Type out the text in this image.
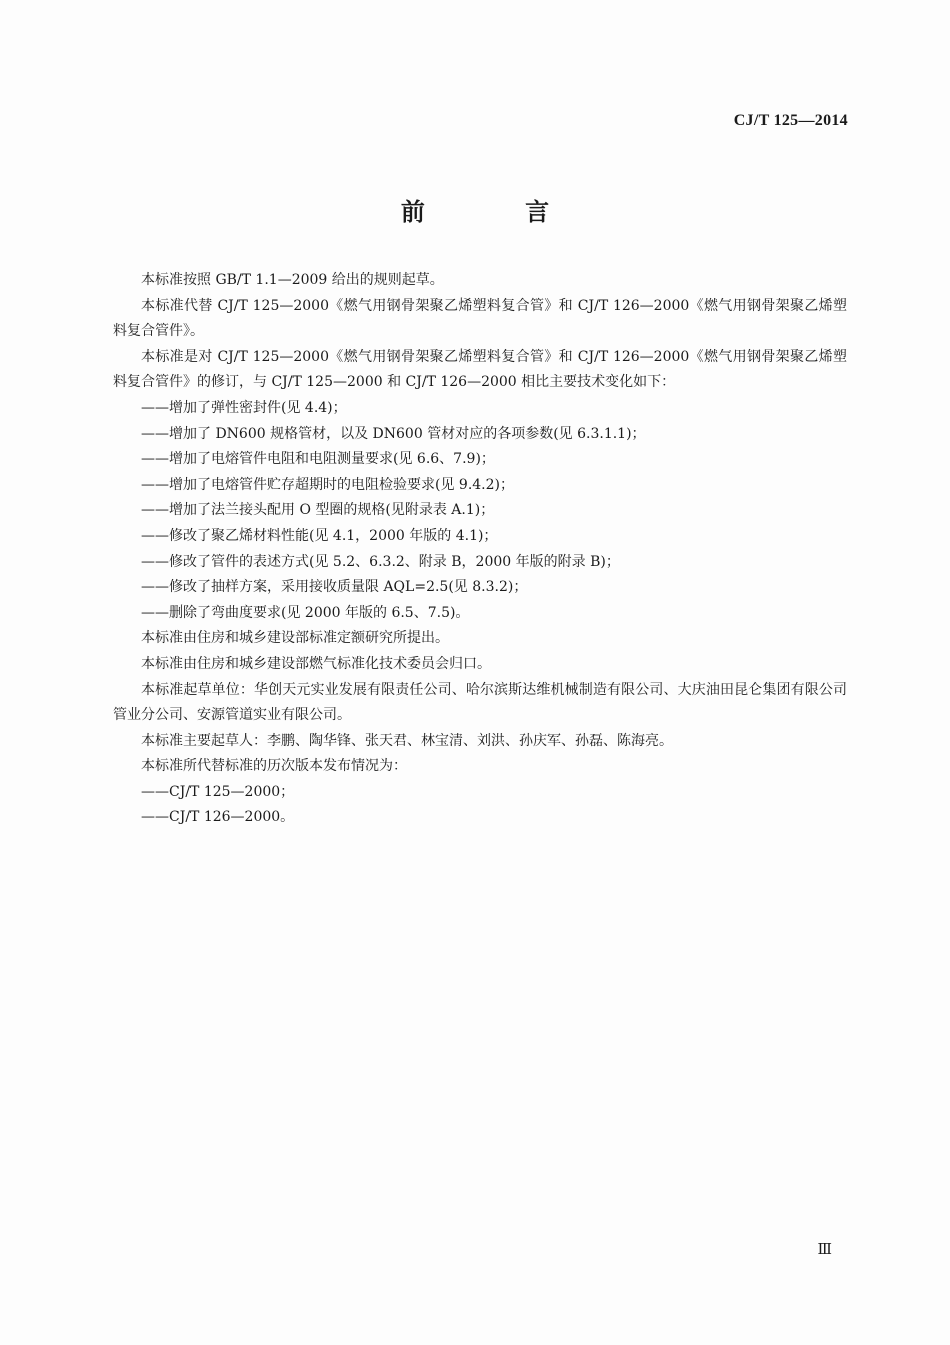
CJ/T 125—2014
前 言

本标准按照 GB/T 1.1—2009 给出的规则起草。

本标准代替 CJ/T 125—2000《燃气用钢骨架聚乙烯塑料复合管》和 CJ/T 126—2000《燃气用钢骨架聚乙烯塑料复合管件》。

本标准是对 CJ/T 125—2000《燃气用钢骨架聚乙烯塑料复合管》和 CJ/T 126—2000《燃气用钢骨架聚乙烯塑料复合管件》的修订，与 CJ/T 125—2000 和 CJ/T 126—2000 相比主要技术变化如下：

——增加了弹性密封件(见 4.4)；

——增加了 DN600 规格管材，以及 DN600 管材对应的各项参数(见 6.3.1.1)；

——增加了电熔管件电阻和电阻测量要求(见 6.6、7.9)；

——增加了电熔管件贮存超期时的电阻检验要求(见 9.4.2)；

——增加了法兰接头配用 O 型圈的规格(见附录表 A.1)；

——修改了聚乙烯材料性能(见 4.1，2000 年版的 4.1)；

——修改了管件的表述方式(见 5.2、6.3.2、附录 B，2000 年版的附录 B)；

——修改了抽样方案，采用接收质量限 AQL=2.5(见 8.3.2)；

——删除了弯曲度要求(见 2000 年版的 6.5、7.5)。

本标准由住房和城乡建设部标准定额研究所提出。

本标准由住房和城乡建设部燃气标准化技术委员会归口。

本标准起草单位：华创天元实业发展有限责任公司、哈尔滨斯达维机械制造有限公司、大庆油田昆仑集团有限公司管业分公司、安源管道实业有限公司。

本标准主要起草人：李鹏、陶华锋、张天君、林宝清、刘洪、孙庆军、孙磊、陈海亮。

本标准所代替标准的历次版本发布情况为：

——CJ/T 125—2000；

——CJ/T 126—2000。

Ⅲ
